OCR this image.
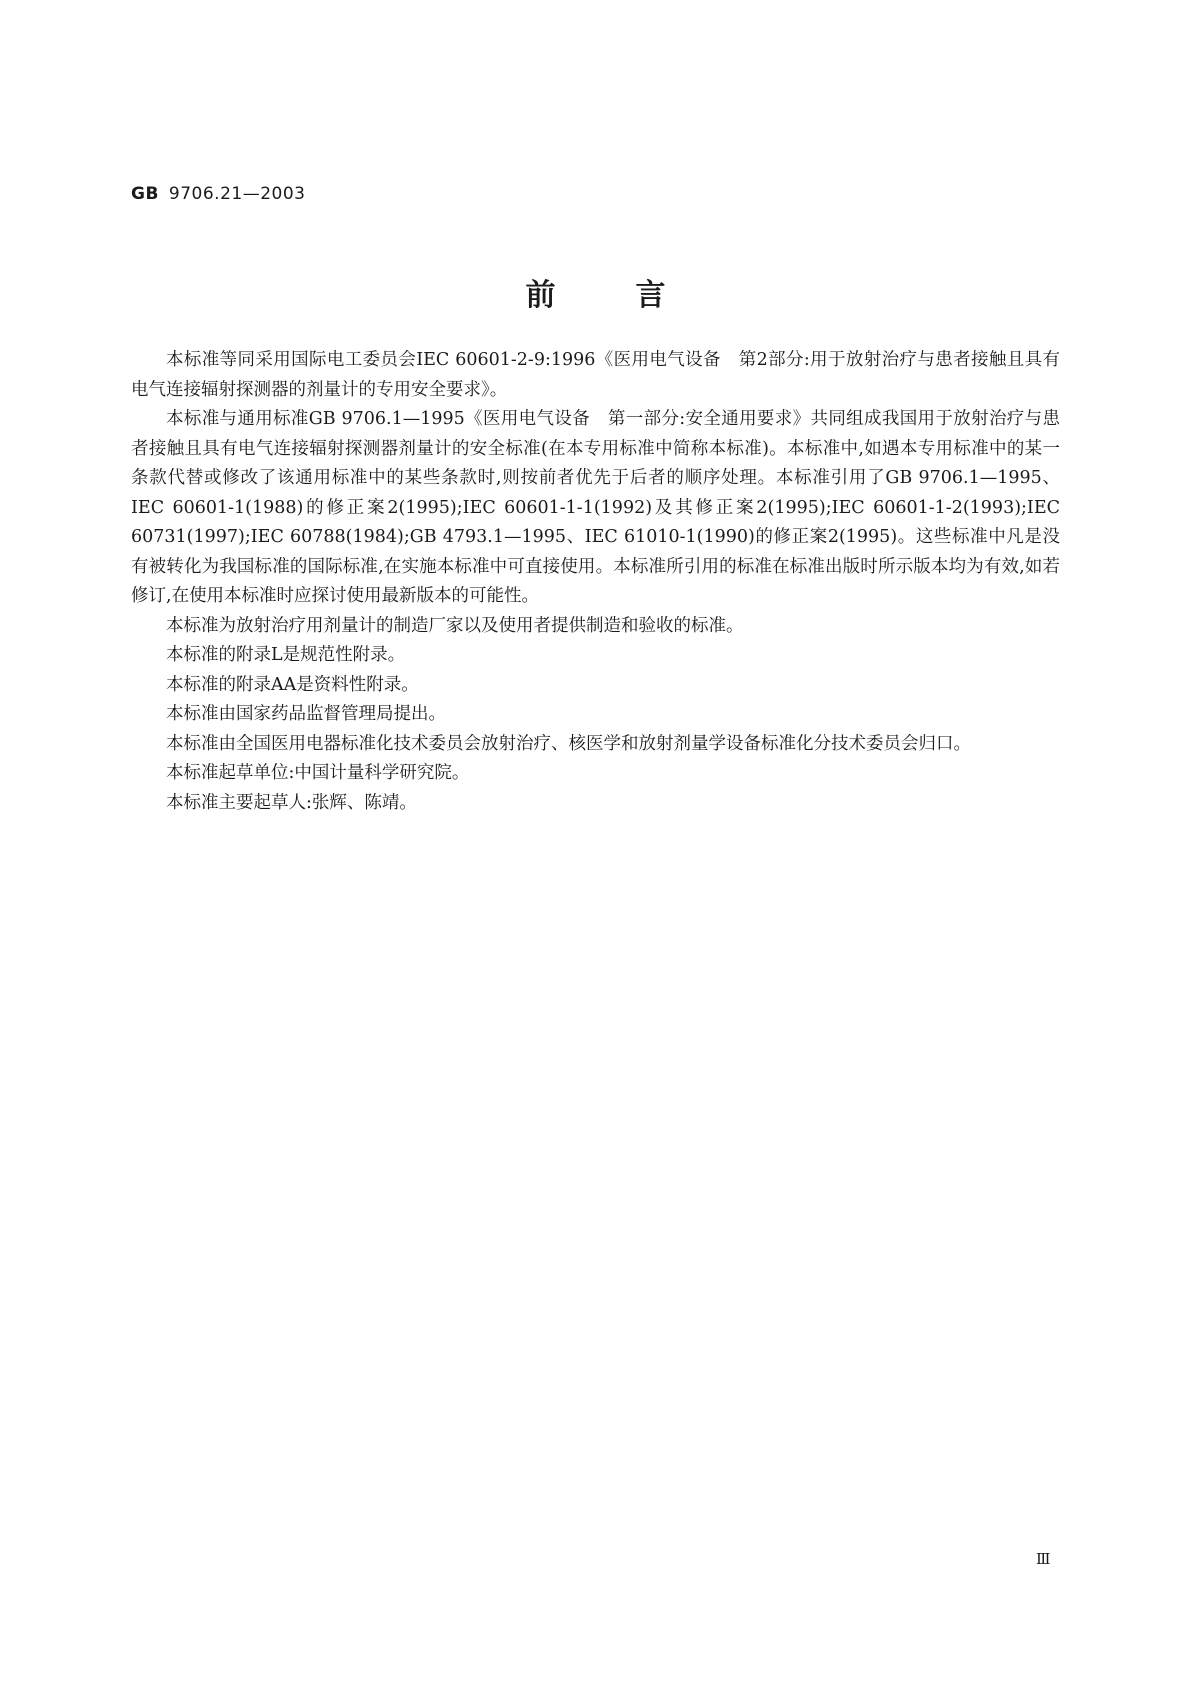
GB 9706.21—2003
前言

本标准等同采用国际电工委员会IEC 60601-2-9:1996《医用电气设备　第2部分:用于放射治疗与患者接触且具有电气连接辐射探测器的剂量计的专用安全要求》。

本标准与通用标准GB 9706.1—1995《医用电气设备　第一部分:安全通用要求》共同组成我国用于放射治疗与患者接触且具有电气连接辐射探测器剂量计的安全标准(在本专用标准中简称本标准)。本标准中,如遇本专用标准中的某一条款代替或修改了该通用标准中的某些条款时,则按前者优先于后者的顺序处理。本标准引用了GB 9706.1—1995、IEC 60601-1(1988)的修正案2(1995);IEC 60601-1-1(1992)及其修正案2(1995);IEC 60601-1-2(1993);IEC 60731(1997);IEC 60788(1984);GB 4793.1—1995、IEC 61010-1(1990)的修正案2(1995)。这些标准中凡是没有被转化为我国标准的国际标准,在实施本标准中可直接使用。本标准所引用的标准在标准出版时所示版本均为有效,如若修订,在使用本标准时应探讨使用最新版本的可能性。

本标准为放射治疗用剂量计的制造厂家以及使用者提供制造和验收的标准。

本标准的附录L是规范性附录。

本标准的附录AA是资料性附录。

本标准由国家药品监督管理局提出。

本标准由全国医用电器标准化技术委员会放射治疗、核医学和放射剂量学设备标准化分技术委员会归口。

本标准起草单位:中国计量科学研究院。

本标准主要起草人:张辉、陈靖。

Ⅲ
